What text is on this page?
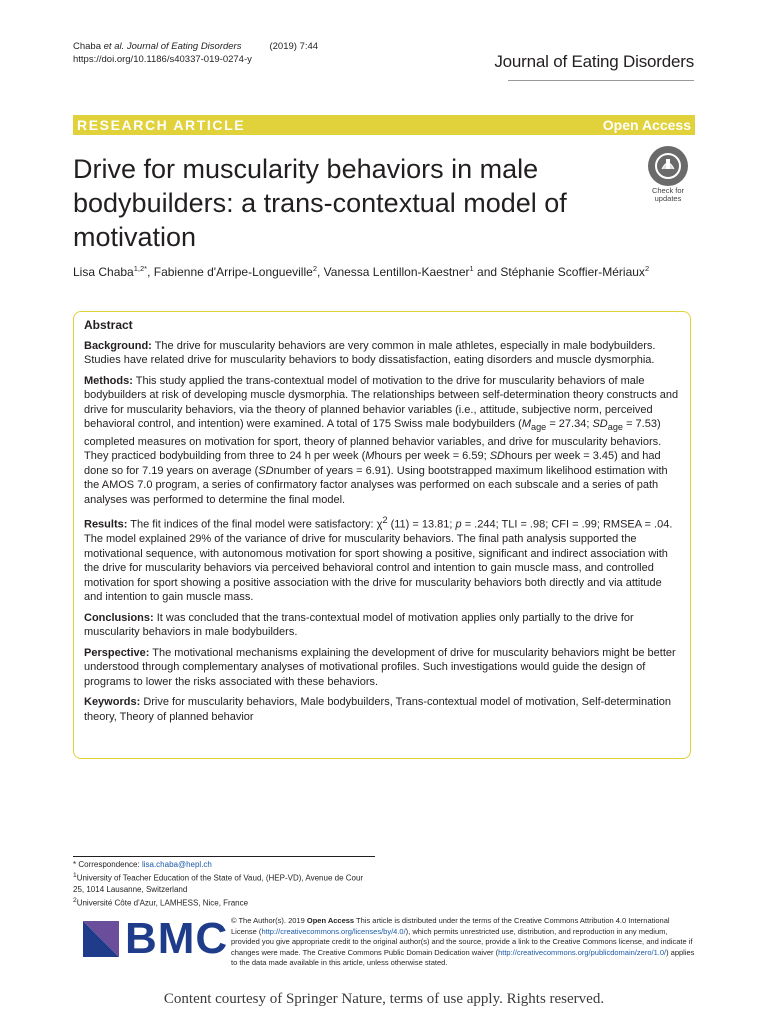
Chaba et al. Journal of Eating Disorders	(2019) 7:44
https://doi.org/10.1186/s40337-019-0274-y	Journal of Eating Disorders
RESEARCH ARTICLE	Open Access
Drive for muscularity behaviors in male bodybuilders: a trans-contextual model of motivation
Check for updates
Lisa Chaba$^{1,2*}$, Fabienne d'Arripe-Longueville$^2$, Vanessa Lentillon-Kaestner$^1$ and Stéphanie Scoffier-Mériaux$^2$
Abstract

Background: The drive for muscularity behaviors are very common in male athletes, especially in male bodybuilders. Studies have related drive for muscularity behaviors to body dissatisfaction, eating disorders and muscle dysmorphia.

Methods: This study applied the trans-contextual model of motivation to the drive for muscularity behaviors of male bodybuilders at risk of developing muscle dysmorphia. The relationships between self-determination theory constructs and drive for muscularity behaviors, via the theory of planned behavior variables (i.e., attitude, subjective norm, perceived behavioral control, and intention) were examined. A total of 175 Swiss male bodybuilders ($M_{age} = 27.34$; $SD_{age} = 7.53$) completed measures on motivation for sport, theory of planned behavior variables, and drive for muscularity behaviors. They practiced bodybuilding from three to 24 h per week (Mhours per week = 6.59; SDhours per week = 3.45) and had done so for 7.19 years on average (SDnumber of years = 6.91). Using bootstrapped maximum likelihood estimation with the AMOS 7.0 program, a series of confirmatory factor analyses was performed on each subscale and a series of path analyses was performed to determine the final model.

Results: The fit indices of the final model were satisfactory: $\chi^2$ (11) = 13.81; p = .244; TLI = .98; CFI = .99; RMSEA = .04. The model explained 29% of the variance of drive for muscularity behaviors. The final path analysis supported the motivational sequence, with autonomous motivation for sport showing a positive, significant and indirect association with the drive for muscularity behaviors via perceived behavioral control and intention to gain muscle mass, and controlled motivation for sport showing a positive association with the drive for muscularity behaviors both directly and via attitude and intention to gain muscle mass.

Conclusions: It was concluded that the trans-contextual model of motivation applies only partially to the drive for muscularity behaviors in male bodybuilders.

Perspective: The motivational mechanisms explaining the development of drive for muscularity behaviors might be better understood through complementary analyses of motivational profiles. Such investigations would guide the design of programs to lower the risks associated with these behaviors.

Keywords: Drive for muscularity behaviors, Male bodybuilders, Trans-contextual model of motivation, Self-determination theory, Theory of planned behavior

* Correspondence: lisa.chaba@hepl.ch
$^1$University of Teacher Education of the State of Vaud, (HEP-VD), Avenue de Cour 25, 1014 Lausanne, Switzerland
$^2$Université Côte d'Azur, LAMHESS, Nice, France
BMC © The Author(s). 2019 Open Access This article is distributed under the terms of the Creative Commons Attribution 4.0 International License (http://creativecommons.org/licenses/by/4.0/), which permits unrestricted use, distribution, and reproduction in any medium, provided you give appropriate credit to the original author(s) and the source, provide a link to the Creative Commons license, and indicate if changes were made. The Creative Commons Public Domain Dedication waiver (http://creativecommons.org/publicdomain/zero/1.0/) applies to the data made available in this article, unless otherwise stated.
Content courtesy of Springer Nature, terms of use apply. Rights reserved.
